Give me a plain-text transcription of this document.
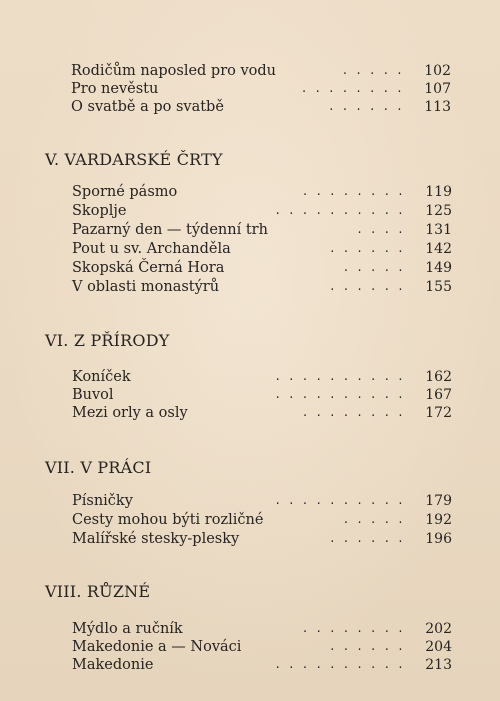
Rodičům naposled pro vodu	..... 102
Pro nevěstu	........ 107
O svatbě a po svatbě	...... 113
V. VARDARSKÉ ČRTY
Sporné pásmo	........ 119
Skoplje	.......... 125
Pazarný den — týdenní trh	.... 131
Pout u sv. Archanděla	...... 142
Skopská Černá Hora	..... 149
V oblasti monastýrů	...... 155
VI. Z PŘÍRODY
Koníček	.......... 162
Buvol	.......... 167
Mezi orly a osly	........ 172
VII. V PRÁCI
Písničky	.......... 179
Cesty mohou býti rozličné	..... 192
Malířské stesky-plesky	...... 196
VIII. RŮZNÉ
Mýdlo a ručník	........ 202
Makedonie a — Nováci	...... 204
Makedonie	.......... 213
